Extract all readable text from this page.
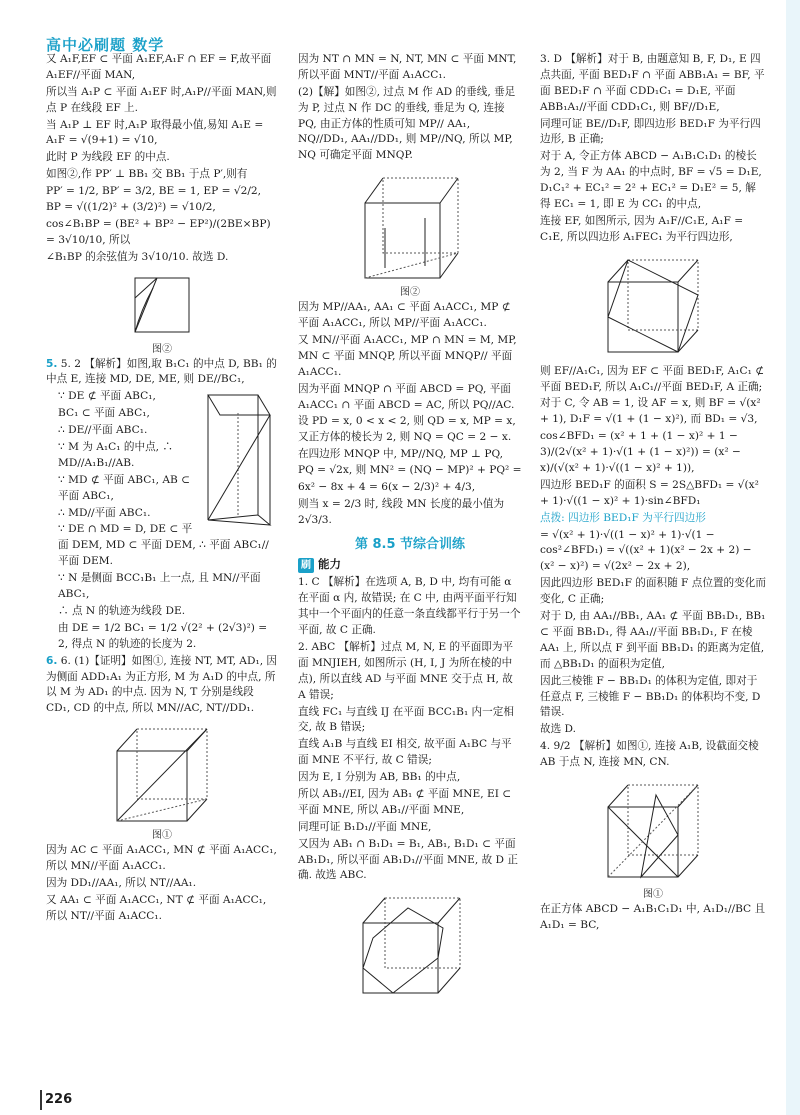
高中必刷题 数学

又 A₁F,EF ⊂ 平面 A₁EF,A₁F ∩ EF = F,故平面 A₁EF//平面 MAN,

所以当 A₁P ⊂ 平面 A₁EF 时,A₁P//平面 MAN,则点 P 在线段 EF 上.

当 A₁P ⊥ EF 时,A₁P 取得最小值,易知 A₁E = A₁F = √(9+1) = √10,

此时 P 为线段 EF 的中点.

如图②,作 PP′ ⊥ BB₁ 交 BB₁ 于点 P′,则有

PP′ = 1/2, BP′ = 3/2, BE = 1, EP = √2/2, BP = √((1/2)² + (3/2)²) = √10/2,

cos∠B₁BP = (BE² + BP² − EP²)/(2BE×BP) = 3√10/10, 所以

∠B₁BP 的余弦值为 3√10/10. 故选 D.

图②

5. 5. 2 【解析】如图,取 B₁C₁ 的中点 D, BB₁ 的中点 E, 连接 MD, DE, ME, 则 DE//BC₁,

∵ DE ⊄ 平面 ABC₁,

BC₁ ⊂ 平面 ABC₁,

∴ DE//平面 ABC₁.

∵ M 为 A₁C₁ 的中点, ∴ MD//A₁B₁//AB.

∵ MD ⊄ 平面 ABC₁, AB ⊂ 平面 ABC₁,

∴ MD//平面 ABC₁.

∵ DE ∩ MD = D, DE ⊂ 平面 DEM, MD ⊂ 平面 DEM, ∴ 平面 ABC₁//平面 DEM.

∵ N 是侧面 BCC₁B₁ 上一点, 且 MN//平面 ABC₁,

∴ 点 N 的轨迹为线段 DE.

由 DE = 1/2 BC₁ = 1/2 √(2² + (2√3)²) = 2, 得点 N 的轨迹的长度为 2.

6. 6. (1)【证明】如图①, 连接 NT, MT, AD₁, 因为侧面 ADD₁A₁ 为正方形, M 为 A₁D 的中点, 所以 M 为 AD₁ 的中点. 因为 N, T 分别是线段 CD₁, CD 的中点, 所以 MN//AC, NT//DD₁.

图①

因为 AC ⊂ 平面 A₁ACC₁, MN ⊄ 平面 A₁ACC₁, 所以 MN//平面 A₁ACC₁.

因为 DD₁//AA₁, 所以 NT//AA₁.

又 AA₁ ⊂ 平面 A₁ACC₁, NT ⊄ 平面 A₁ACC₁, 所以 NT//平面 A₁ACC₁.

因为 NT ∩ MN = N, NT, MN ⊂ 平面 MNT, 所以平面 MNT//平面 A₁ACC₁.

(2)【解】如图②, 过点 M 作 AD 的垂线, 垂足为 P, 过点 N 作 DC 的垂线, 垂足为 Q, 连接 PQ, 由正方体的性质可知 MP// AA₁, NQ//DD₁, AA₁//DD₁, 则 MP//NQ, 所以 MP, NQ 可确定平面 MNQP.

图②

因为 MP//AA₁, AA₁ ⊂ 平面 A₁ACC₁, MP ⊄ 平面 A₁ACC₁, 所以 MP//平面 A₁ACC₁.

又 MN//平面 A₁ACC₁, MP ∩ MN = M, MP, MN ⊂ 平面 MNQP, 所以平面 MNQP// 平面 A₁ACC₁.

因为平面 MNQP ∩ 平面 ABCD = PQ, 平面 A₁ACC₁ ∩ 平面 ABCD = AC, 所以 PQ//AC.

设 PD = x, 0 < x < 2, 则 QD = x, MP = x, 又正方体的棱长为 2, 则 NQ = QC = 2 − x.

在四边形 MNQP 中, MP//NQ, MP ⊥ PQ, PQ = √2x, 则 MN² = (NQ − MP)² + PQ² =

6x² − 8x + 4 = 6(x − 2/3)² + 4/3,

则当 x = 2/3 时, 线段 MN 长度的最小值为 2√3/3.

第 8.5 节综合训练
刷 能力

1. C 【解析】在选项 A, B, D 中, 均有可能 α 在平面 α 内, 故错误; 在 C 中, 由两平面平行知其中一个平面内的任意一条直线都平行于另一个平面, 故 C 正确.

2. ABC 【解析】过点 M, N, E 的平面即为平面 MNJIEH, 如图所示 (H, I, J 为所在棱的中点), 所以直线 AD 与平面 MNE 交于点 H, 故 A 错误;

直线 FC₁ 与直线 IJ 在平面 BCC₁B₁ 内一定相交, 故 B 错误;

直线 A₁B 与直线 EI 相交, 故平面 A₁BC 与平面 MNE 不平行, 故 C 错误;

因为 E, I 分别为 AB, BB₁ 的中点,

所以 AB₁//EI, 因为 AB₁ ⊄ 平面 MNE, EI ⊂ 平面 MNE, 所以 AB₁//平面 MNE,

同理可证 B₁D₁//平面 MNE,

又因为 AB₁ ∩ B₁D₁ = B₁, AB₁, B₁D₁ ⊂ 平面 AB₁D₁, 所以平面 AB₁D₁//平面 MNE, 故 D 正确. 故选 ABC.

3. D 【解析】对于 B, 由题意知 B, F, D₁, E 四点共面, 平面 BED₁F ∩ 平面 ABB₁A₁ = BF, 平面 BED₁F ∩ 平面 CDD₁C₁ = D₁E, 平面 ABB₁A₁//平面 CDD₁C₁, 则 BF//D₁E,

同理可证 BE//D₁F, 即四边形 BED₁F 为平行四边形, B 正确;

对于 A, 令正方体 ABCD − A₁B₁C₁D₁ 的棱长为 2, 当 F 为 AA₁ 的中点时, BF = √5 = D₁E, D₁C₁² + EC₁² = 2² + EC₁² = D₁E² = 5, 解得 EC₁ = 1, 即 E 为 CC₁ 的中点,

连接 EF, 如图所示, 因为 A₁F//C₁E, A₁F = C₁E, 所以四边形 A₁FEC₁ 为平行四边形,

则 EF//A₁C₁, 因为 EF ⊂ 平面 BED₁F, A₁C₁ ⊄ 平面 BED₁F, 所以 A₁C₁//平面 BED₁F, A 正确;

对于 C, 令 AB = 1, 设 AF = x, 则 BF = √(x² + 1), D₁F = √(1 + (1 − x)²), 而 BD₁ = √3,

cos∠BFD₁ = (x² + 1 + (1 − x)² + 1 − 3)/(2√(x² + 1)·√(1 + (1 − x)²)) = (x² − x)/(√(x² + 1)·√((1 − x)² + 1)),

四边形 BED₁F 的面积 S = 2S△BFD₁ = √(x² + 1)·√((1 − x)² + 1)·sin∠BFD₁

点拨: 四边形 BED₁F 为平行四边形

= √(x² + 1)·√((1 − x)² + 1)·√(1 − cos²∠BFD₁) = √((x² + 1)(x² − 2x + 2) − (x² − x)²) = √(2x² − 2x + 2),

因此四边形 BED₁F 的面积随 F 点位置的变化而变化, C 正确;

对于 D, 由 AA₁//BB₁, AA₁ ⊄ 平面 BB₁D₁, BB₁ ⊂ 平面 BB₁D₁, 得 AA₁//平面 BB₁D₁, F 在棱 AA₁ 上, 所以点 F 到平面 BB₁D₁ 的距离为定值, 而 △BB₁D₁ 的面积为定值,

因此三棱锥 F − BB₁D₁ 的体积为定值, 即对于任意点 F, 三棱锥 F − BB₁D₁ 的体积均不变, D 错误.

故选 D.

4. 9/2 【解析】如图①, 连接 A₁B, 设截面交棱 AB 于点 N, 连接 MN, CN.

图①

在正方体 ABCD − A₁B₁C₁D₁ 中, A₁D₁//BC 且 A₁D₁ = BC,

226
